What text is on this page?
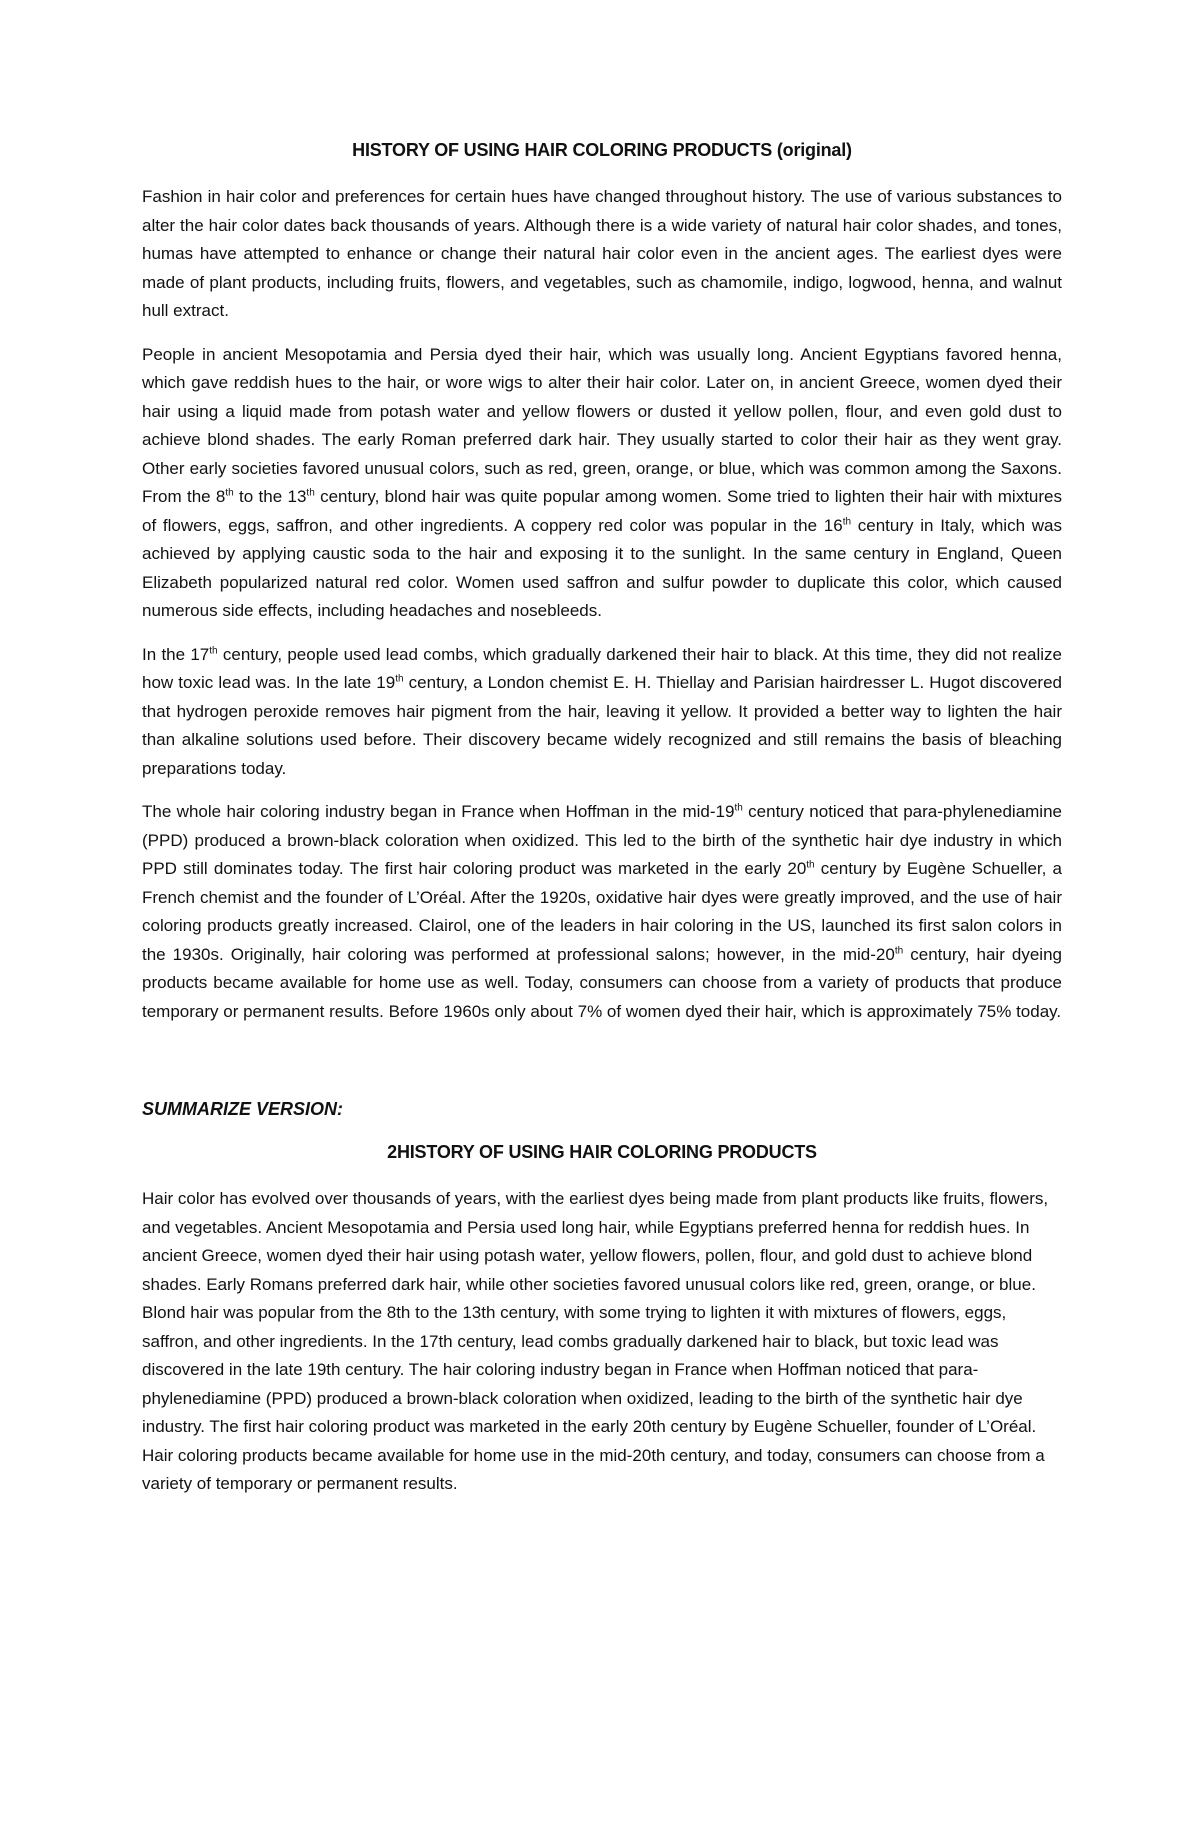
HISTORY OF USING HAIR COLORING PRODUCTS (original)

Fashion in hair color and preferences for certain hues have changed throughout history. The use of various substances to alter the hair color dates back thousands of years. Although there is a wide variety of natural hair color shades, and tones, humas have attempted to enhance or change their natural hair color even in the ancient ages. The earliest dyes were made of plant products, including fruits, flowers, and vegetables, such as chamomile, indigo, logwood, henna, and walnut hull extract.

People in ancient Mesopotamia and Persia dyed their hair, which was usually long. Ancient Egyptians favored henna, which gave reddish hues to the hair, or wore wigs to alter their hair color. Later on, in ancient Greece, women dyed their hair using a liquid made from potash water and yellow flowers or dusted it yellow pollen, flour, and even gold dust to achieve blond shades. The early Roman preferred dark hair. They usually started to color their hair as they went gray. Other early societies favored unusual colors, such as red, green, orange, or blue, which was common among the Saxons. From the 8th to the 13th century, blond hair was quite popular among women. Some tried to lighten their hair with mixtures of flowers, eggs, saffron, and other ingredients. A coppery red color was popular in the 16th century in Italy, which was achieved by applying caustic soda to the hair and exposing it to the sunlight. In the same century in England, Queen Elizabeth popularized natural red color. Women used saffron and sulfur powder to duplicate this color, which caused numerous side effects, including headaches and nosebleeds.

In the 17th century, people used lead combs, which gradually darkened their hair to black. At this time, they did not realize how toxic lead was. In the late 19th century, a London chemist E. H. Thiellay and Parisian hairdresser L. Hugot discovered that hydrogen peroxide removes hair pigment from the hair, leaving it yellow. It provided a better way to lighten the hair than alkaline solutions used before. Their discovery became widely recognized and still remains the basis of bleaching preparations today.

The whole hair coloring industry began in France when Hoffman in the mid-19th century noticed that para-phylenediamine (PPD) produced a brown-black coloration when oxidized. This led to the birth of the synthetic hair dye industry in which PPD still dominates today. The first hair coloring product was marketed in the early 20th century by Eugène Schueller, a French chemist and the founder of L’Oréal. After the 1920s, oxidative hair dyes were greatly improved, and the use of hair coloring products greatly increased. Clairol, one of the leaders in hair coloring in the US, launched its first salon colors in the 1930s. Originally, hair coloring was performed at professional salons; however, in the mid-20th century, hair dyeing products became available for home use as well. Today, consumers can choose from a variety of products that produce temporary or permanent results. Before 1960s only about 7% of women dyed their hair, which is approximately 75% today.

SUMMARIZE VERSION:
2HISTORY OF USING HAIR COLORING PRODUCTS

Hair color has evolved over thousands of years, with the earliest dyes being made from plant products like fruits, flowers, and vegetables. Ancient Mesopotamia and Persia used long hair, while Egyptians preferred henna for reddish hues. In ancient Greece, women dyed their hair using potash water, yellow flowers, pollen, flour, and gold dust to achieve blond shades. Early Romans preferred dark hair, while other societies favored unusual colors like red, green, orange, or blue. Blond hair was popular from the 8th to the 13th century, with some trying to lighten it with mixtures of flowers, eggs, saffron, and other ingredients. In the 17th century, lead combs gradually darkened hair to black, but toxic lead was discovered in the late 19th century. The hair coloring industry began in France when Hoffman noticed that para-phylenediamine (PPD) produced a brown-black coloration when oxidized, leading to the birth of the synthetic hair dye industry. The first hair coloring product was marketed in the early 20th century by Eugène Schueller, founder of L’Oréal. Hair coloring products became available for home use in the mid-20th century, and today, consumers can choose from a variety of temporary or permanent results.
